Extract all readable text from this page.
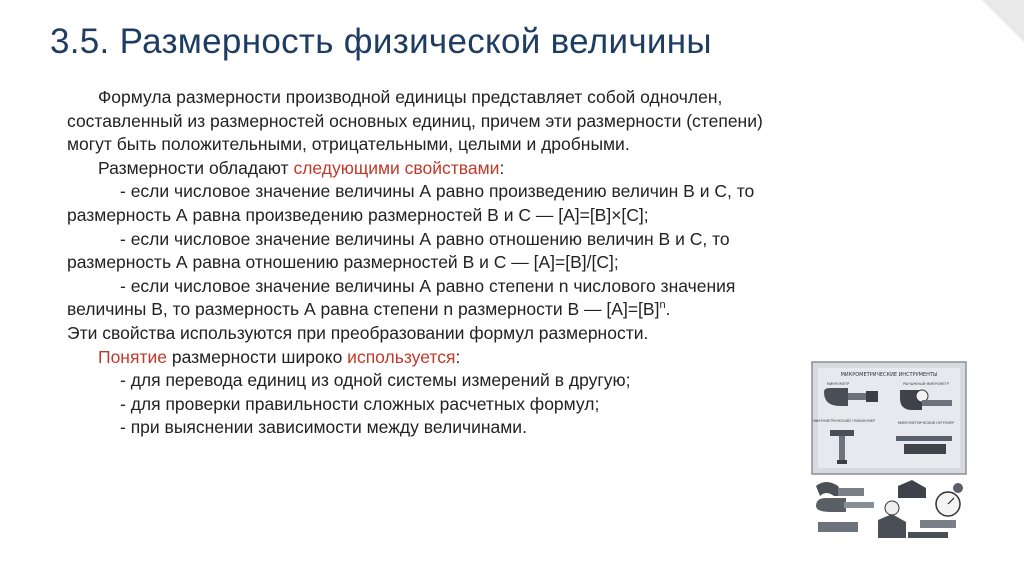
3.5. Размерность физической величины

Формула размерности производной единицы представляет собой одночлен, составленный из размерностей основных единиц, причем эти размерности (степени) могут быть положительными, отрицательными, целыми и дробными.

Размерности обладают следующими свойствами:

- если числовое значение величины А равно произведению величин В и С, то размерность А равна произведению размерностей В и С — [A]=[B]×[C];

- если числовое значение величины А равно отношению величин В и С, то размерность А равна отношению размерностей В и С — [A]=[B]/[C];

- если числовое значение величины А равно степени n числового значения величины В, то размерность А равна степени n размерности В — $[A]=[B]^n$.

Эти свойства используются при преобразовании формул размерности.

Понятие размерности широко используется:

- для перевода единиц из одной системы измерений в другую;

- для проверки правильности сложных расчетных формул;

- при выяснении зависимости между величинами.

МИКРОМЕТРИЧЕСКИЕ ИНСТРУМЕНТЫ
МИКРОМЕТР	РЫЧАЖНЫЙ МИКРОМЕТР
МИКРОМЕТРИЧЕСКИЙ ГЛУБИНОМЕР	МИКРОМЕТРИЧЕСКИЙ НУТРОМЕР
